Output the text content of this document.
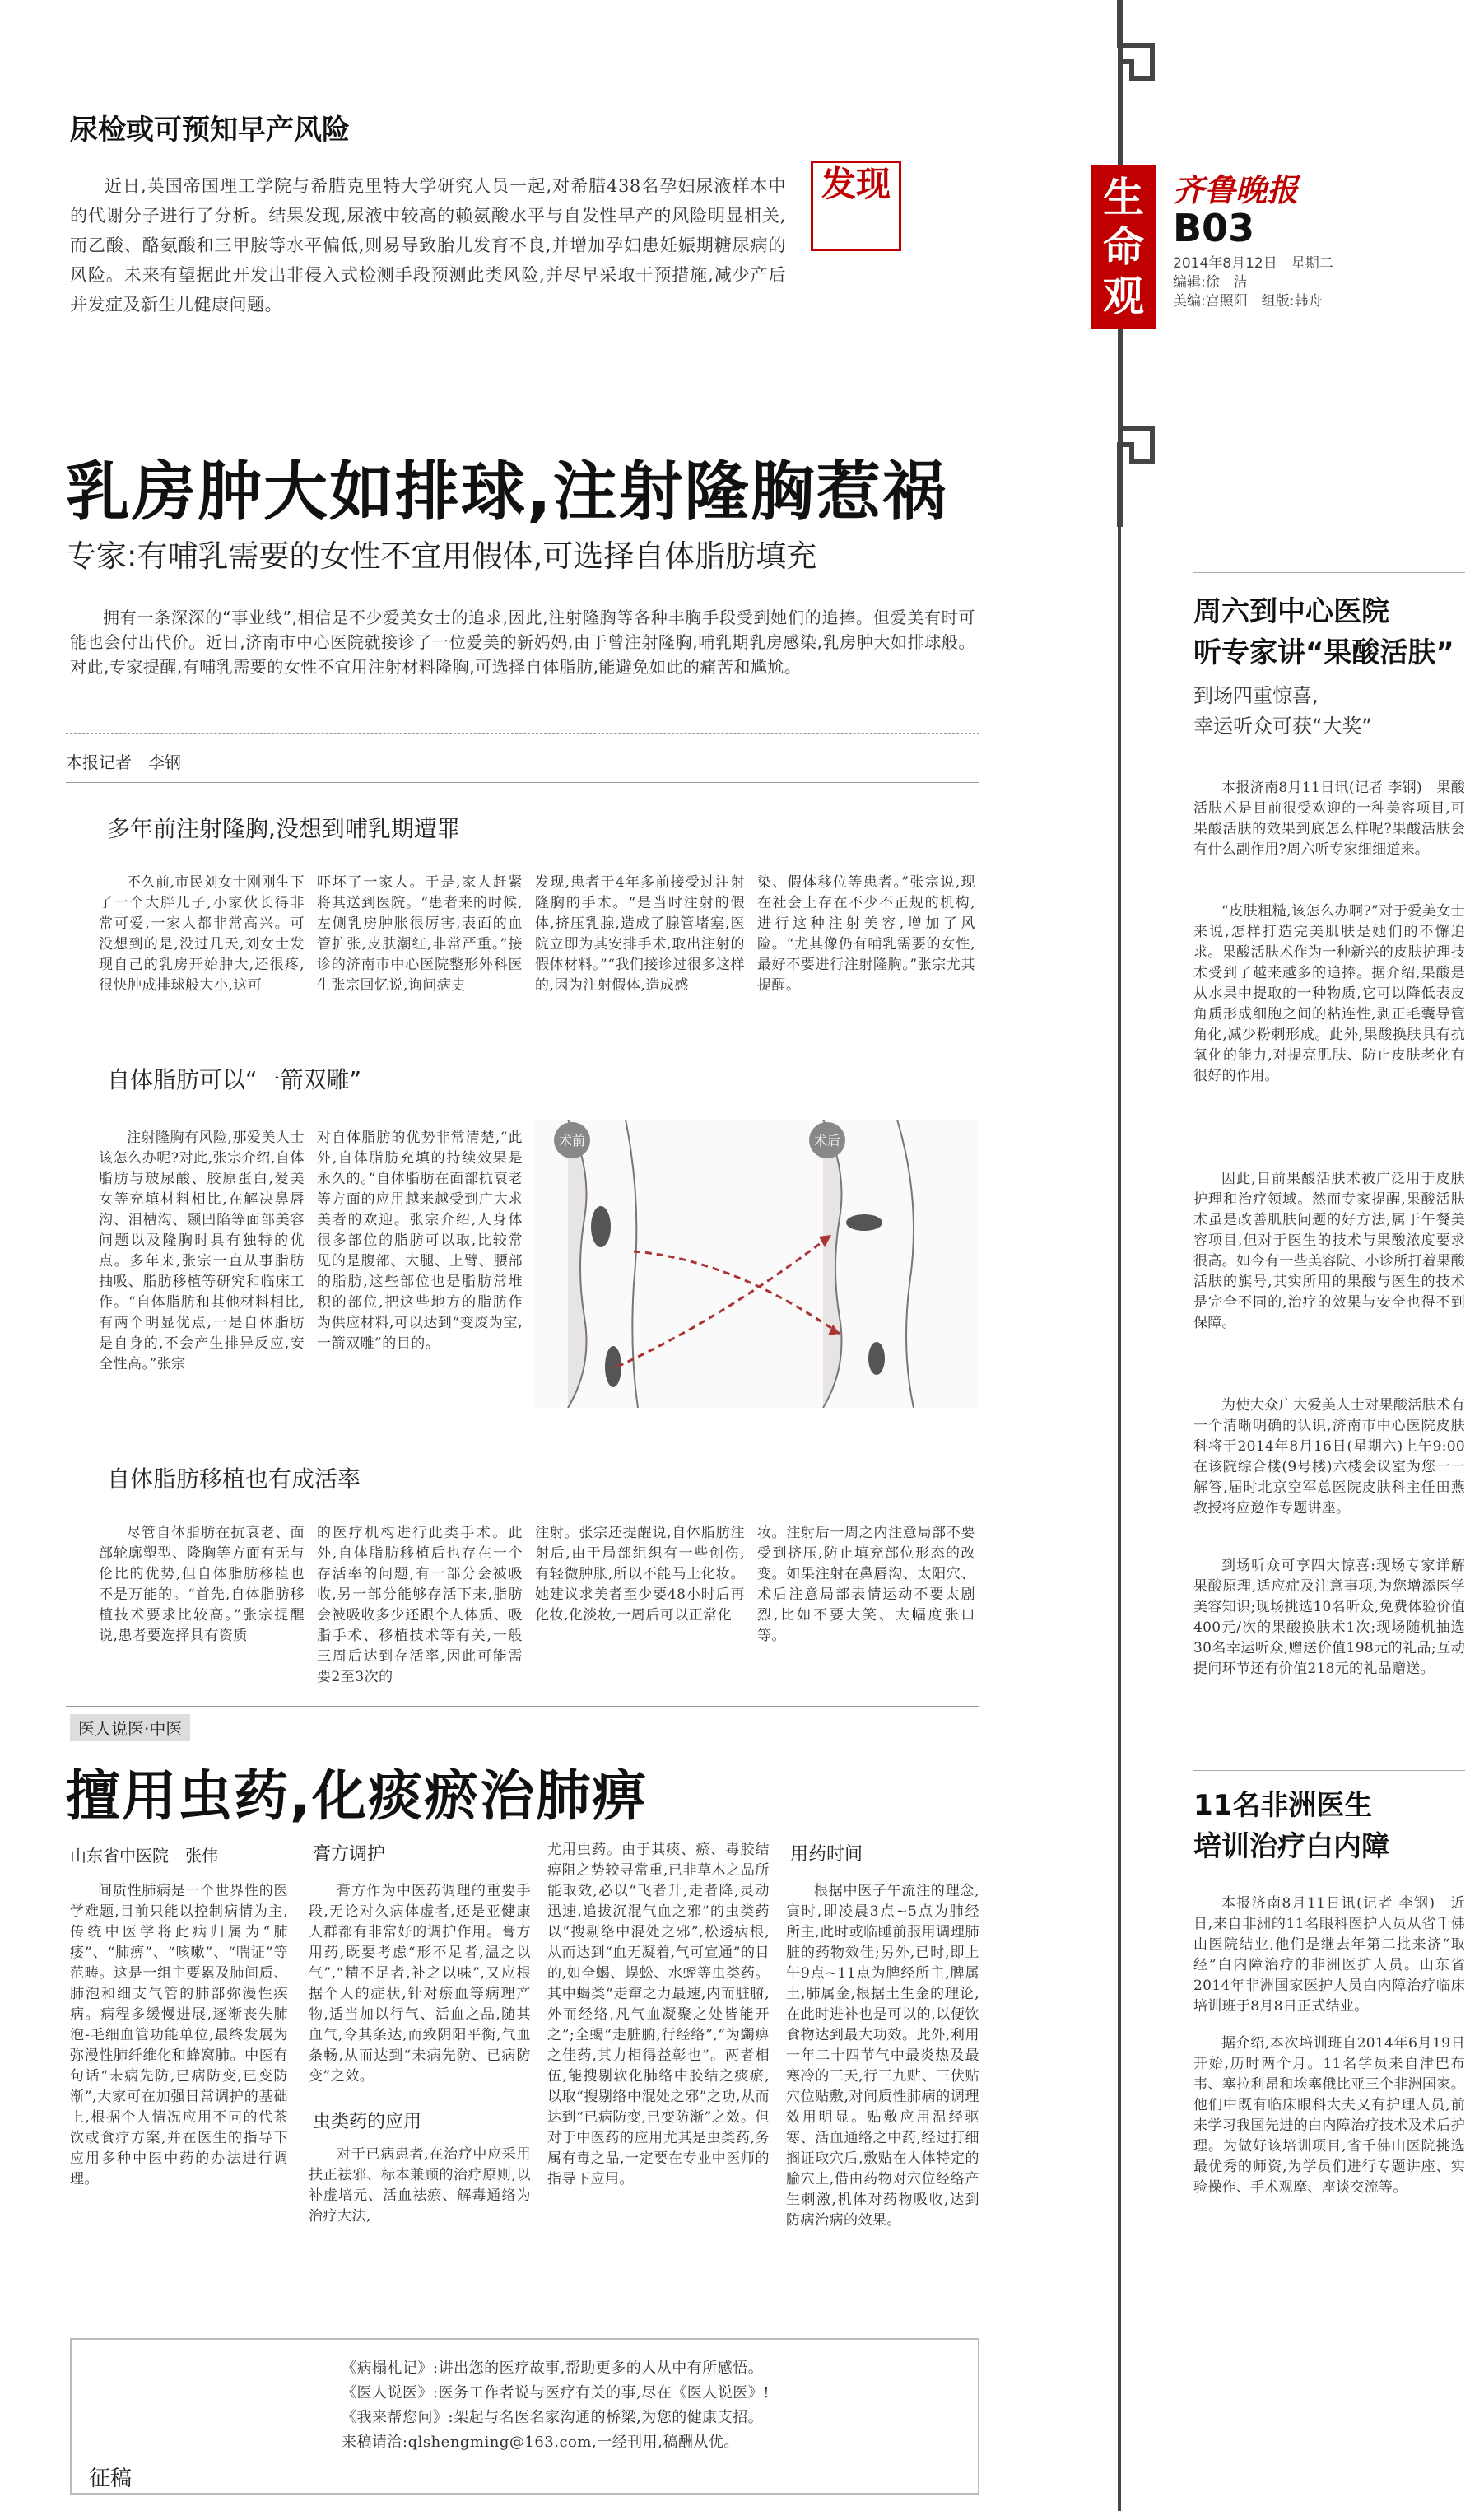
生命观
齐鲁晚报
B03
2014年8月12日　星期二
编辑:徐　洁
美编:宫照阳　组版:韩舟
尿检或可预知早产风险
近日,英国帝国理工学院与希腊克里特大学研究人员一起,对希腊438名孕妇尿液样本中的代谢分子进行了分析。结果发现,尿液中较高的赖氨酸水平与自发性早产的风险明显相关,而乙酸、酪氨酸和三甲胺等水平偏低,则易导致胎儿发育不良,并增加孕妇患妊娠期糖尿病的风险。未来有望据此开发出非侵入式检测手段预测此类风险,并尽早采取干预措施,减少产后并发症及新生儿健康问题。
发现
乳房肿大如排球,注射隆胸惹祸
专家:有哺乳需要的女性不宜用假体,可选择自体脂肪填充
拥有一条深深的“事业线”,相信是不少爱美女士的追求,因此,注射隆胸等各种丰胸手段受到她们的追捧。但爱美有时可能也会付出代价。近日,济南市中心医院就接诊了一位爱美的新妈妈,由于曾注射隆胸,哺乳期乳房感染,乳房肿大如排球般。对此,专家提醒,有哺乳需要的女性不宜用注射材料隆胸,可选择自体脂肪,能避免如此的痛苦和尴尬。
本报记者　李钢
多年前注射隆胸,没想到哺乳期遭罪
不久前,市民刘女士刚刚生下了一个大胖儿子,小家伙长得非常可爱,一家人都非常高兴。可没想到的是,没过几天,刘女士发现自己的乳房开始肿大,还很疼,很快肿成排球般大小,这可
吓坏了一家人。于是,家人赶紧将其送到医院。“患者来的时候,左侧乳房肿胀很厉害,表面的血管扩张,皮肤潮红,非常严重。”接诊的济南市中心医院整形外科医生张宗回忆说,询问病史
发现,患者于4年多前接受过注射隆胸的手术。“是当时注射的假体,挤压乳腺,造成了腺管堵塞,医院立即为其安排手术,取出注射的假体材料。”“我们接诊过很多这样的,因为注射假体,造成感
染、假体移位等患者。”张宗说,现在社会上存在不少不正规的机构,进行这种注射美容,增加了风险。“尤其像仍有哺乳需要的女性,最好不要进行注射隆胸。”张宗尤其提醒。
自体脂肪可以“一箭双雕”
注射隆胸有风险,那爱美人士该怎么办呢?对此,张宗介绍,自体脂肪与玻尿酸、胶原蛋白,爱美女等充填材料相比,在解决鼻唇沟、泪槽沟、颞凹陷等面部美容问题以及隆胸时具有独特的优点。多年来,张宗一直从事脂肪抽吸、脂肪移植等研究和临床工作。“自体脂肪和其他材料相比,有两个明显优点,一是自体脂肪是自身的,不会产生排异反应,安全性高。”张宗
对自体脂肪的优势非常清楚,“此外,自体脂肪充填的持续效果是永久的。”自体脂肪在面部抗衰老等方面的应用越来越受到广大求美者的欢迎。张宗介绍,人身体很多部位的脂肪可以取,比较常见的是腹部、大腿、上臂、腰部的脂肪,这些部位也是脂肪常堆积的部位,把这些地方的脂肪作为供应材料,可以达到“变废为宝,一箭双雕”的目的。
术前	术后
自体脂肪移植也有成活率
尽管自体脂肪在抗衰老、面部轮廓塑型、隆胸等方面有无与伦比的优势,但自体脂肪移植也不是万能的。“首先,自体脂肪移植技术要求比较高。”张宗提醒说,患者要选择具有资质
的医疗机构进行此类手术。此外,自体脂肪移植后也存在一个存活率的问题,有一部分会被吸收,另一部分能够存活下来,脂肪会被吸收多少还跟个人体质、吸脂手术、移植技术等有关,一般三周后达到存活率,因此可能需要2至3次的
注射。张宗还提醒说,自体脂肪注射后,由于局部组织有一些创伤,有轻微肿胀,所以不能马上化妆。她建议求美者至少要48小时后再化妆,化淡妆,一周后可以正常化
妆。注射后一周之内注意局部不要受到挤压,防止填充部位形态的改变。如果注射在鼻唇沟、太阳穴、术后注意局部表情运动不要太剧烈,比如不要大笑、大幅度张口等。
医人说医·中医
擅用虫药,化痰瘀治肺痹
山东省中医院　张伟
间质性肺病是一个世界性的医学难题,目前只能以控制病情为主,传统中医学将此病归属为“肺痿”、“肺痹”、“咳嗽”、“喘证”等范畴。这是一组主要累及肺间质、肺泡和细支气管的肺部弥漫性疾病。病程多缓慢进展,逐渐丧失肺泡-毛细血管功能单位,最终发展为弥漫性肺纤维化和蜂窝肺。中医有句话“未病先防,已病防变,已变防渐”,大家可在加强日常调护的基础上,根据个人情况应用不同的代茶饮或食疗方案,并在医生的指导下应用多种中医中药的办法进行调理。
膏方调护
膏方作为中医药调理的重要手段,无论对久病体虚者,还是亚健康人群都有非常好的调护作用。膏方用药,既要考虑“形不足者,温之以气”,“精不足者,补之以味”,又应根据个人的症状,针对瘀血等病理产物,适当加以行气、活血之品,随其血气,令其条达,而致阴阳平衡,气血条畅,从而达到“未病先防、已病防变”之效。
虫类药的应用
对于已病患者,在治疗中应采用扶正祛邪、标本兼顾的治疗原则,以补虚培元、活血祛瘀、解毒通络为治疗大法,
尤用虫药。由于其痰、瘀、毒胶结痹阻之势较寻常重,已非草木之品所能取效,必以“飞者升,走者降,灵动迅速,追拔沉混气血之邪”的虫类药以“搜剔络中混处之邪”,松透病根,从而达到“血无凝着,气可宣通”的目的,如全蝎、蜈蚣、水蛭等虫类药。其中蝎类“走窜之力最速,内而脏腑,外而经络,凡气血凝聚之处皆能开之”;全蝎“走脏腑,行经络”,“为蠲痹之佳药,其力相得益彰也”。两者相伍,能搜剔软化肺络中胶结之痰瘀,以取“搜剔络中混处之邪”之功,从而达到“已病防变,已变防渐”之效。但对于中医药的应用尤其是虫类药,务属有毒之品,一定要在专业中医师的指导下应用。
用药时间
根据中医子午流注的理念,寅时,即凌晨3点~5点为肺经所主,此时或临睡前服用调理肺脏的药物效佳;另外,已时,即上午9点~11点为脾经所主,脾属土,肺属金,根据土生金的理论,在此时进补也是可以的,以便饮食物达到最大功效。此外,利用一年二十四节气中最炎热及最寒冷的三天,行三九贴、三伏贴穴位贴敷,对间质性肺病的调理效用明显。贴敷应用温经驱寒、活血通络之中药,经过打细搁证取穴后,敷贴在人体特定的腧穴上,借由药物对穴位经络产生刺激,机体对药物吸收,达到防病治病的效果。
《病榻札记》:讲出您的医疗故事,帮助更多的人从中有所感悟。
《医人说医》:医务工作者说与医疗有关的事,尽在《医人说医》!
《我来帮您问》:架起与名医名家沟通的桥梁,为您的健康支招。
来稿请洽:qlshengming@163.com,一经刊用,稿酬从优。
征稿
周六到中心医院
听专家讲“果酸活肤”
到场四重惊喜,
幸运听众可获“大奖”
本报济南8月11日讯(记者 李钢)　果酸活肤术是目前很受欢迎的一种美容项目,可果酸活肤的效果到底怎么样呢?果酸活肤会有什么副作用?周六听专家细细道来。
“皮肤粗糙,该怎么办啊?”对于爱美女士来说,怎样打造完美肌肤是她们的不懈追求。果酸活肤术作为一种新兴的皮肤护理技术受到了越来越多的追捧。据介绍,果酸是从水果中提取的一种物质,它可以降低表皮角质形成细胞之间的粘连性,剥正毛囊导管角化,减少粉刺形成。此外,果酸换肤具有抗氧化的能力,对提亮肌肤、防止皮肤老化有很好的作用。
因此,目前果酸活肤术被广泛用于皮肤护理和治疗领域。然而专家提醒,果酸活肤术虽是改善肌肤问题的好方法,属于午餐美容项目,但对于医生的技术与果酸浓度要求很高。如今有一些美容院、小诊所打着果酸活肤的旗号,其实所用的果酸与医生的技术是完全不同的,治疗的效果与安全也得不到保障。
为使大众广大爱美人士对果酸活肤术有一个清晰明确的认识,济南市中心医院皮肤科将于2014年8月16日(星期六)上午9:00在该院综合楼(9号楼)六楼会议室为您一一解答,届时北京空军总医院皮肤科主任田燕教授将应邀作专题讲座。
到场听众可享四大惊喜:现场专家详解果酸原理,适应症及注意事项,为您增添医学美容知识;现场挑选10名听众,免费体验价值400元/次的果酸换肤术1次;现场随机抽选30名幸运听众,赠送价值198元的礼品;互动提问环节还有价值218元的礼品赠送。
11名非洲医生
培训治疗白内障
本报济南8月11日讯(记者 李钢)　近日,来自非洲的11名眼科医护人员从省千佛山医院结业,他们是继去年第二批来济“取经”白内障治疗的非洲医护人员。山东省2014年非洲国家医护人员白内障治疗临床培训班于8月8日正式结业。
据介绍,本次培训班自2014年6月19日开始,历时两个月。11名学员来自津巴布韦、塞拉利昂和埃塞俄比亚三个非洲国家。他们中既有临床眼科大夫又有护理人员,前来学习我国先进的白内障治疗技术及术后护理。为做好该培训项目,省千佛山医院挑选最优秀的师资,为学员们进行专题讲座、实验操作、手术观摩、座谈交流等。
